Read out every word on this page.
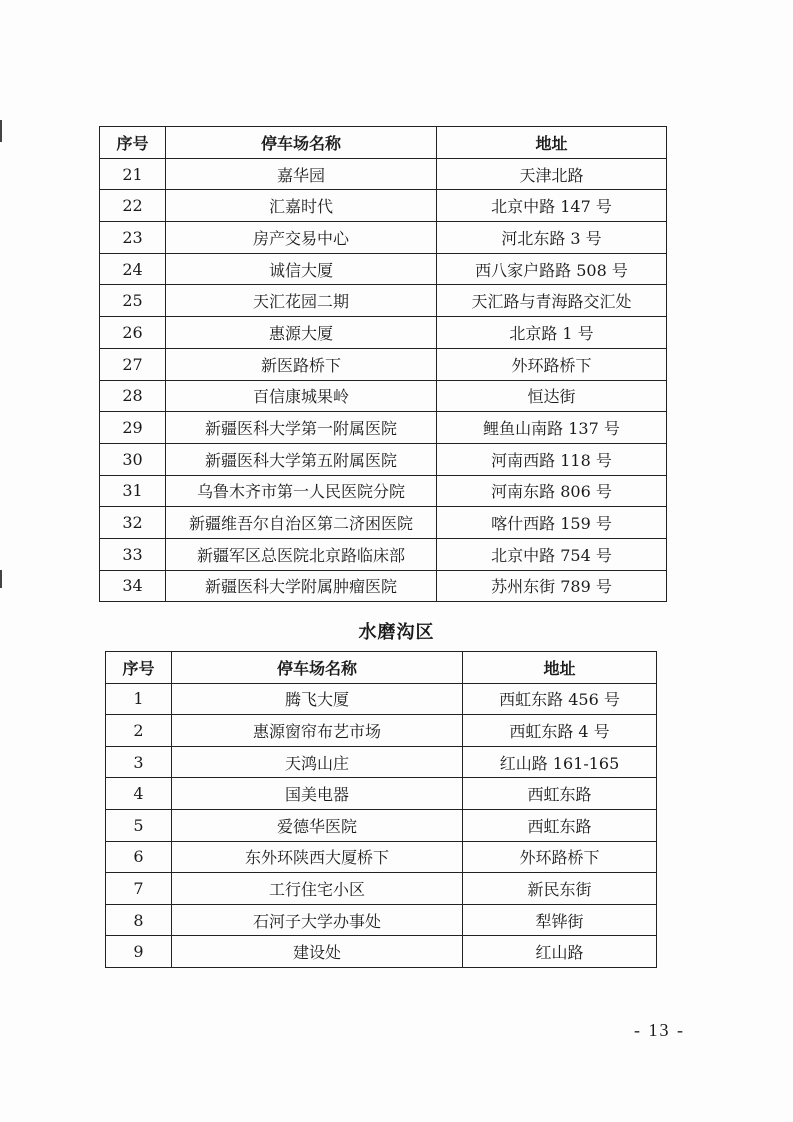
序号	停车场名称	地址
21	嘉华园	天津北路
22	汇嘉时代	北京中路 147 号
23	房产交易中心	河北东路 3 号
24	诚信大厦	西八家户路路 508 号
25	天汇花园二期	天汇路与青海路交汇处
26	惠源大厦	北京路 1 号
27	新医路桥下	外环路桥下
28	百信康城果岭	恒达街
29	新疆医科大学第一附属医院	鲤鱼山南路 137 号
30	新疆医科大学第五附属医院	河南西路 118 号
31	乌鲁木齐市第一人民医院分院	河南东路 806 号
32	新疆维吾尔自治区第二济困医院	喀什西路 159 号
33	新疆军区总医院北京路临床部	北京中路 754 号
34	新疆医科大学附属肿瘤医院	苏州东街 789 号
水磨沟区
序号	停车场名称	地址
1	腾飞大厦	西虹东路 456 号
2	惠源窗帘布艺市场	西虹东路 4 号
3	天鸿山庄	红山路 161-165
4	国美电器	西虹东路
5	爱德华医院	西虹东路
6	东外环陕西大厦桥下	外环路桥下
7	工行住宅小区	新民东街
8	石河子大学办事处	犁铧街
9	建设处	红山路
- 13 -
